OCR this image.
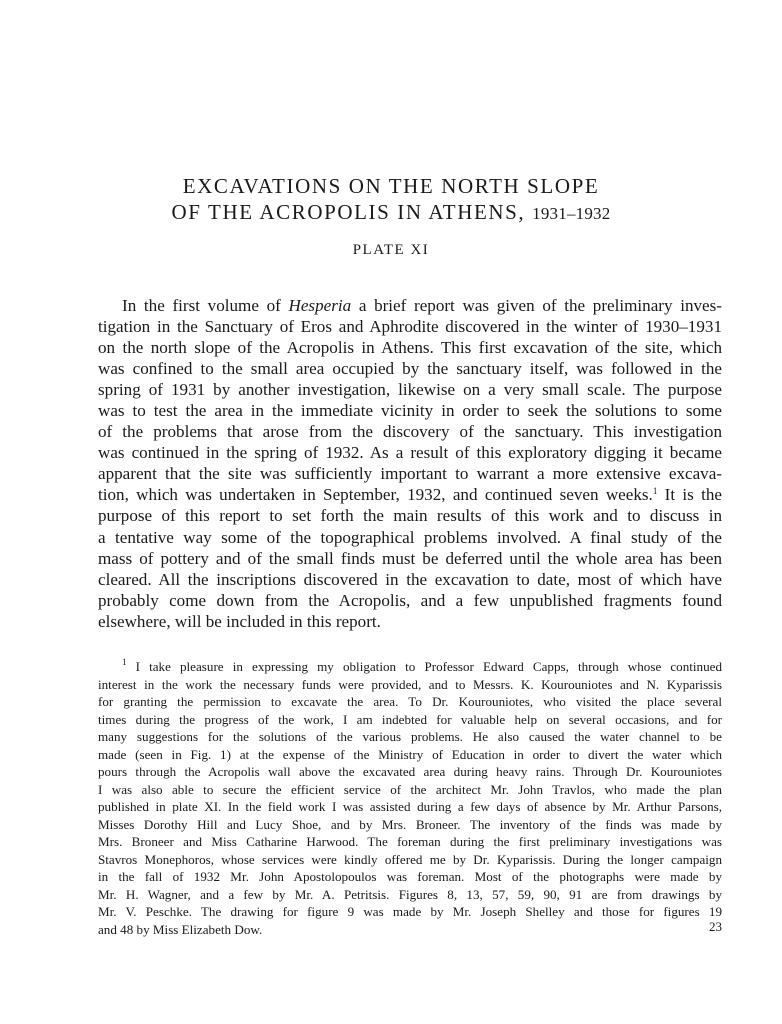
EXCAVATIONS ON THE NORTH SLOPE
OF THE ACROPOLIS IN ATHENS, 1931–1932
PLATE XI
In the first volume of Hesperia a brief report was given of the preliminary inves-
tigation in the Sanctuary of Eros and Aphrodite discovered in the winter of 1930–1931
on the north slope of the Acropolis in Athens. This first excavation of the site, which
was confined to the small area occupied by the sanctuary itself, was followed in the
spring of 1931 by another investigation, likewise on a very small scale. The purpose
was to test the area in the immediate vicinity in order to seek the solutions to some
of the problems that arose from the discovery of the sanctuary. This investigation
was continued in the spring of 1932. As a result of this exploratory digging it became
apparent that the site was sufficiently important to warrant a more extensive excava-
tion, which was undertaken in September, 1932, and continued seven weeks.$^1$ It is the
purpose of this report to set forth the main results of this work and to discuss in
a tentative way some of the topographical problems involved. A final study of the
mass of pottery and of the small finds must be deferred until the whole area has been
cleared. All the inscriptions discovered in the excavation to date, most of which have
probably come down from the Acropolis, and a few unpublished fragments found
elsewhere, will be included in this report.
$^1$ I take pleasure in expressing my obligation to Professor Edward Capps, through whose continued
interest in the work the necessary funds were provided, and to Messrs. K. Kourouniotes and N. Kyparissis
for granting the permission to excavate the area. To Dr. Kourouniotes, who visited the place several
times during the progress of the work, I am indebted for valuable help on several occasions, and for
many suggestions for the solutions of the various problems. He also caused the water channel to be
made (seen in Fig. 1) at the expense of the Ministry of Education in order to divert the water which
pours through the Acropolis wall above the excavated area during heavy rains. Through Dr. Kourouniotes
I was also able to secure the efficient service of the architect Mr. John Travlos, who made the plan
published in plate XI. In the field work I was assisted during a few days of absence by Mr. Arthur Parsons,
Misses Dorothy Hill and Lucy Shoe, and by Mrs. Broneer. The inventory of the finds was made by
Mrs. Broneer and Miss Catharine Harwood. The foreman during the first preliminary investigations was
Stavros Monephoros, whose services were kindly offered me by Dr. Kyparissis. During the longer campaign
in the fall of 1932 Mr. John Apostolopoulos was foreman. Most of the photographs were made by
Mr. H. Wagner, and a few by Mr. A. Petritsis. Figures 8, 13, 57, 59, 90, 91 are from drawings by
Mr. V. Peschke. The drawing for figure 9 was made by Mr. Joseph Shelley and those for figures 19
and 48 by Miss Elizabeth Dow.	23
